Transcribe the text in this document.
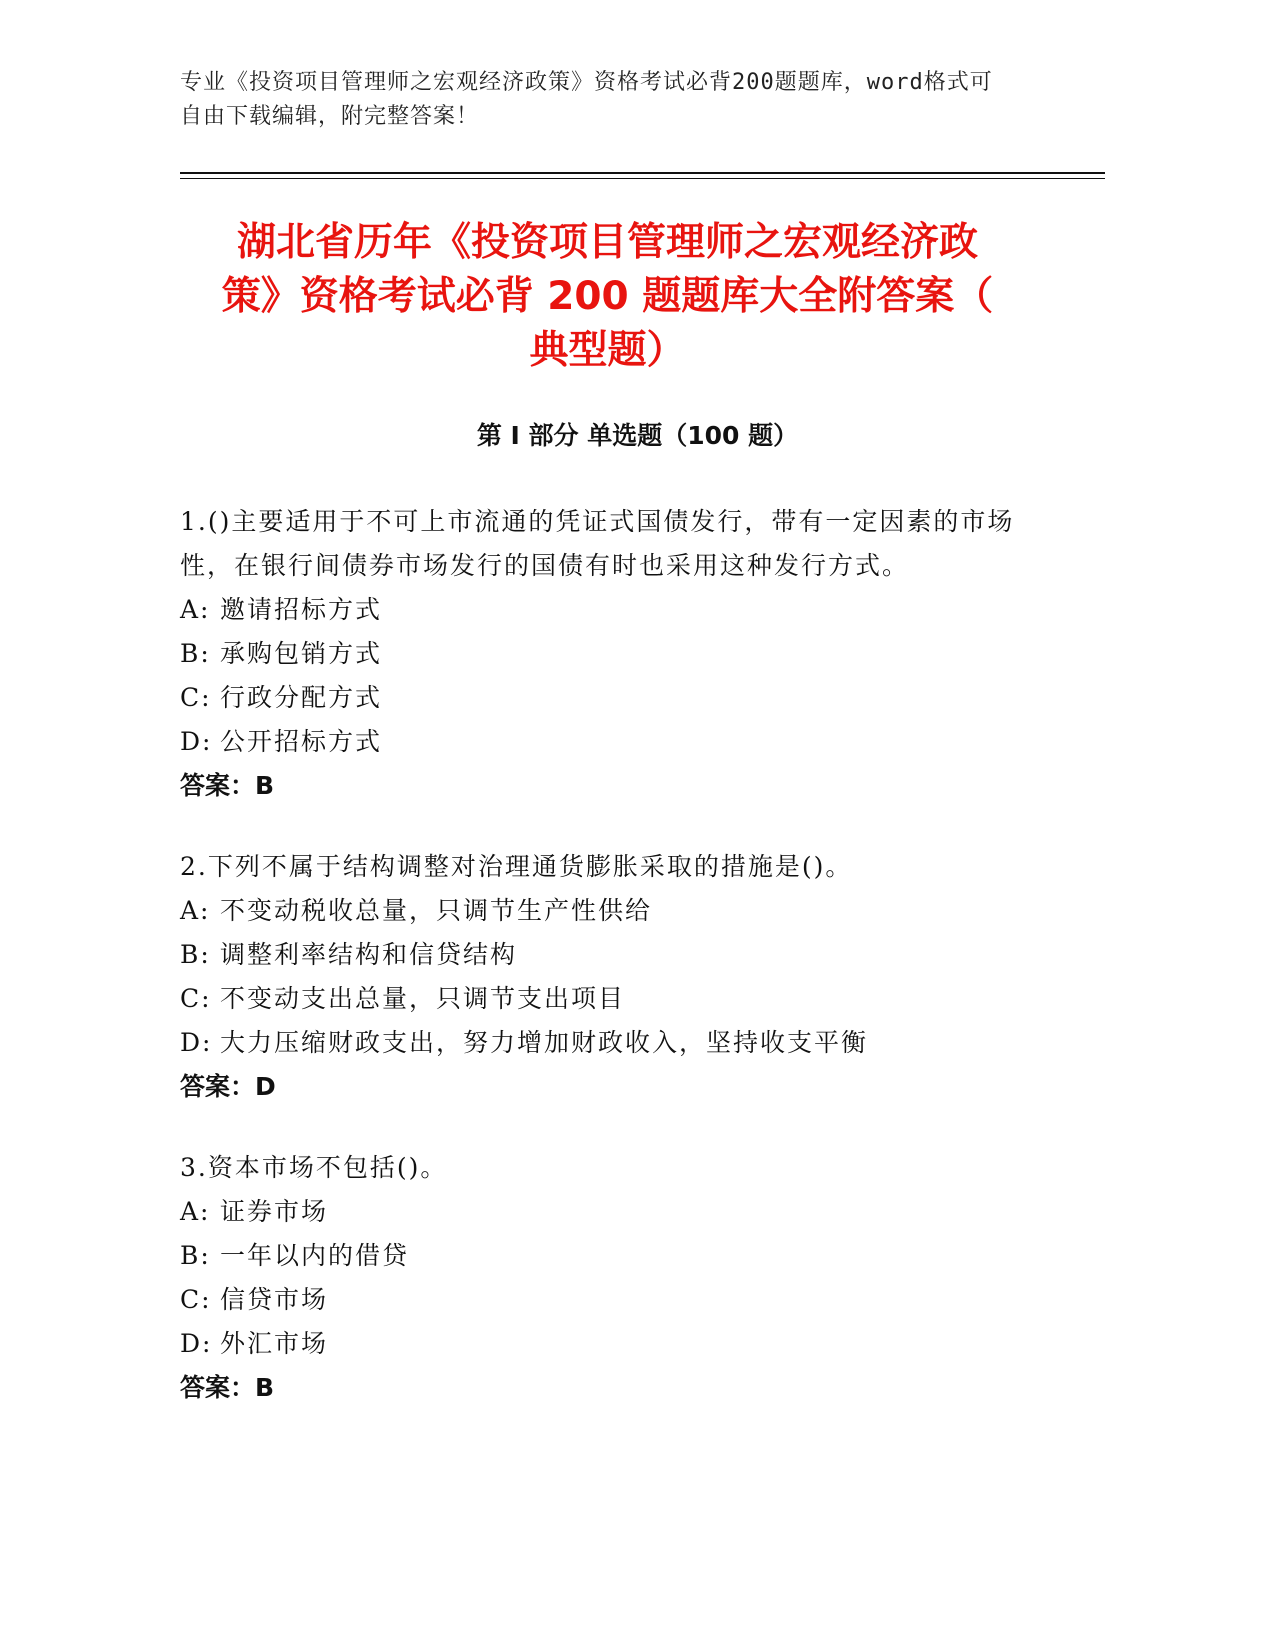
专业《投资项目管理师之宏观经济政策》资格考试必背200题题库，word格式可
自由下载编辑，附完整答案！
湖北省历年《投资项目管理师之宏观经济政
策》资格考试必背 200 题题库大全附答案（
典型题）
第 I 部分 单选题（100 题）

1.()主要适用于不可上市流通的凭证式国债发行，带有一定因素的市场性，在银行间债券市场发行的国债有时也采用这种发行方式。

A: 邀请招标方式

B: 承购包销方式

C: 行政分配方式

D: 公开招标方式

答案：B

2.下列不属于结构调整对治理通货膨胀采取的措施是()。

A: 不变动税收总量，只调节生产性供给

B: 调整利率结构和信贷结构

C: 不变动支出总量，只调节支出项目

D: 大力压缩财政支出，努力增加财政收入，坚持收支平衡

答案：D

3.资本市场不包括()。

A: 证券市场

B: 一年以内的借贷

C: 信贷市场

D: 外汇市场

答案：B
